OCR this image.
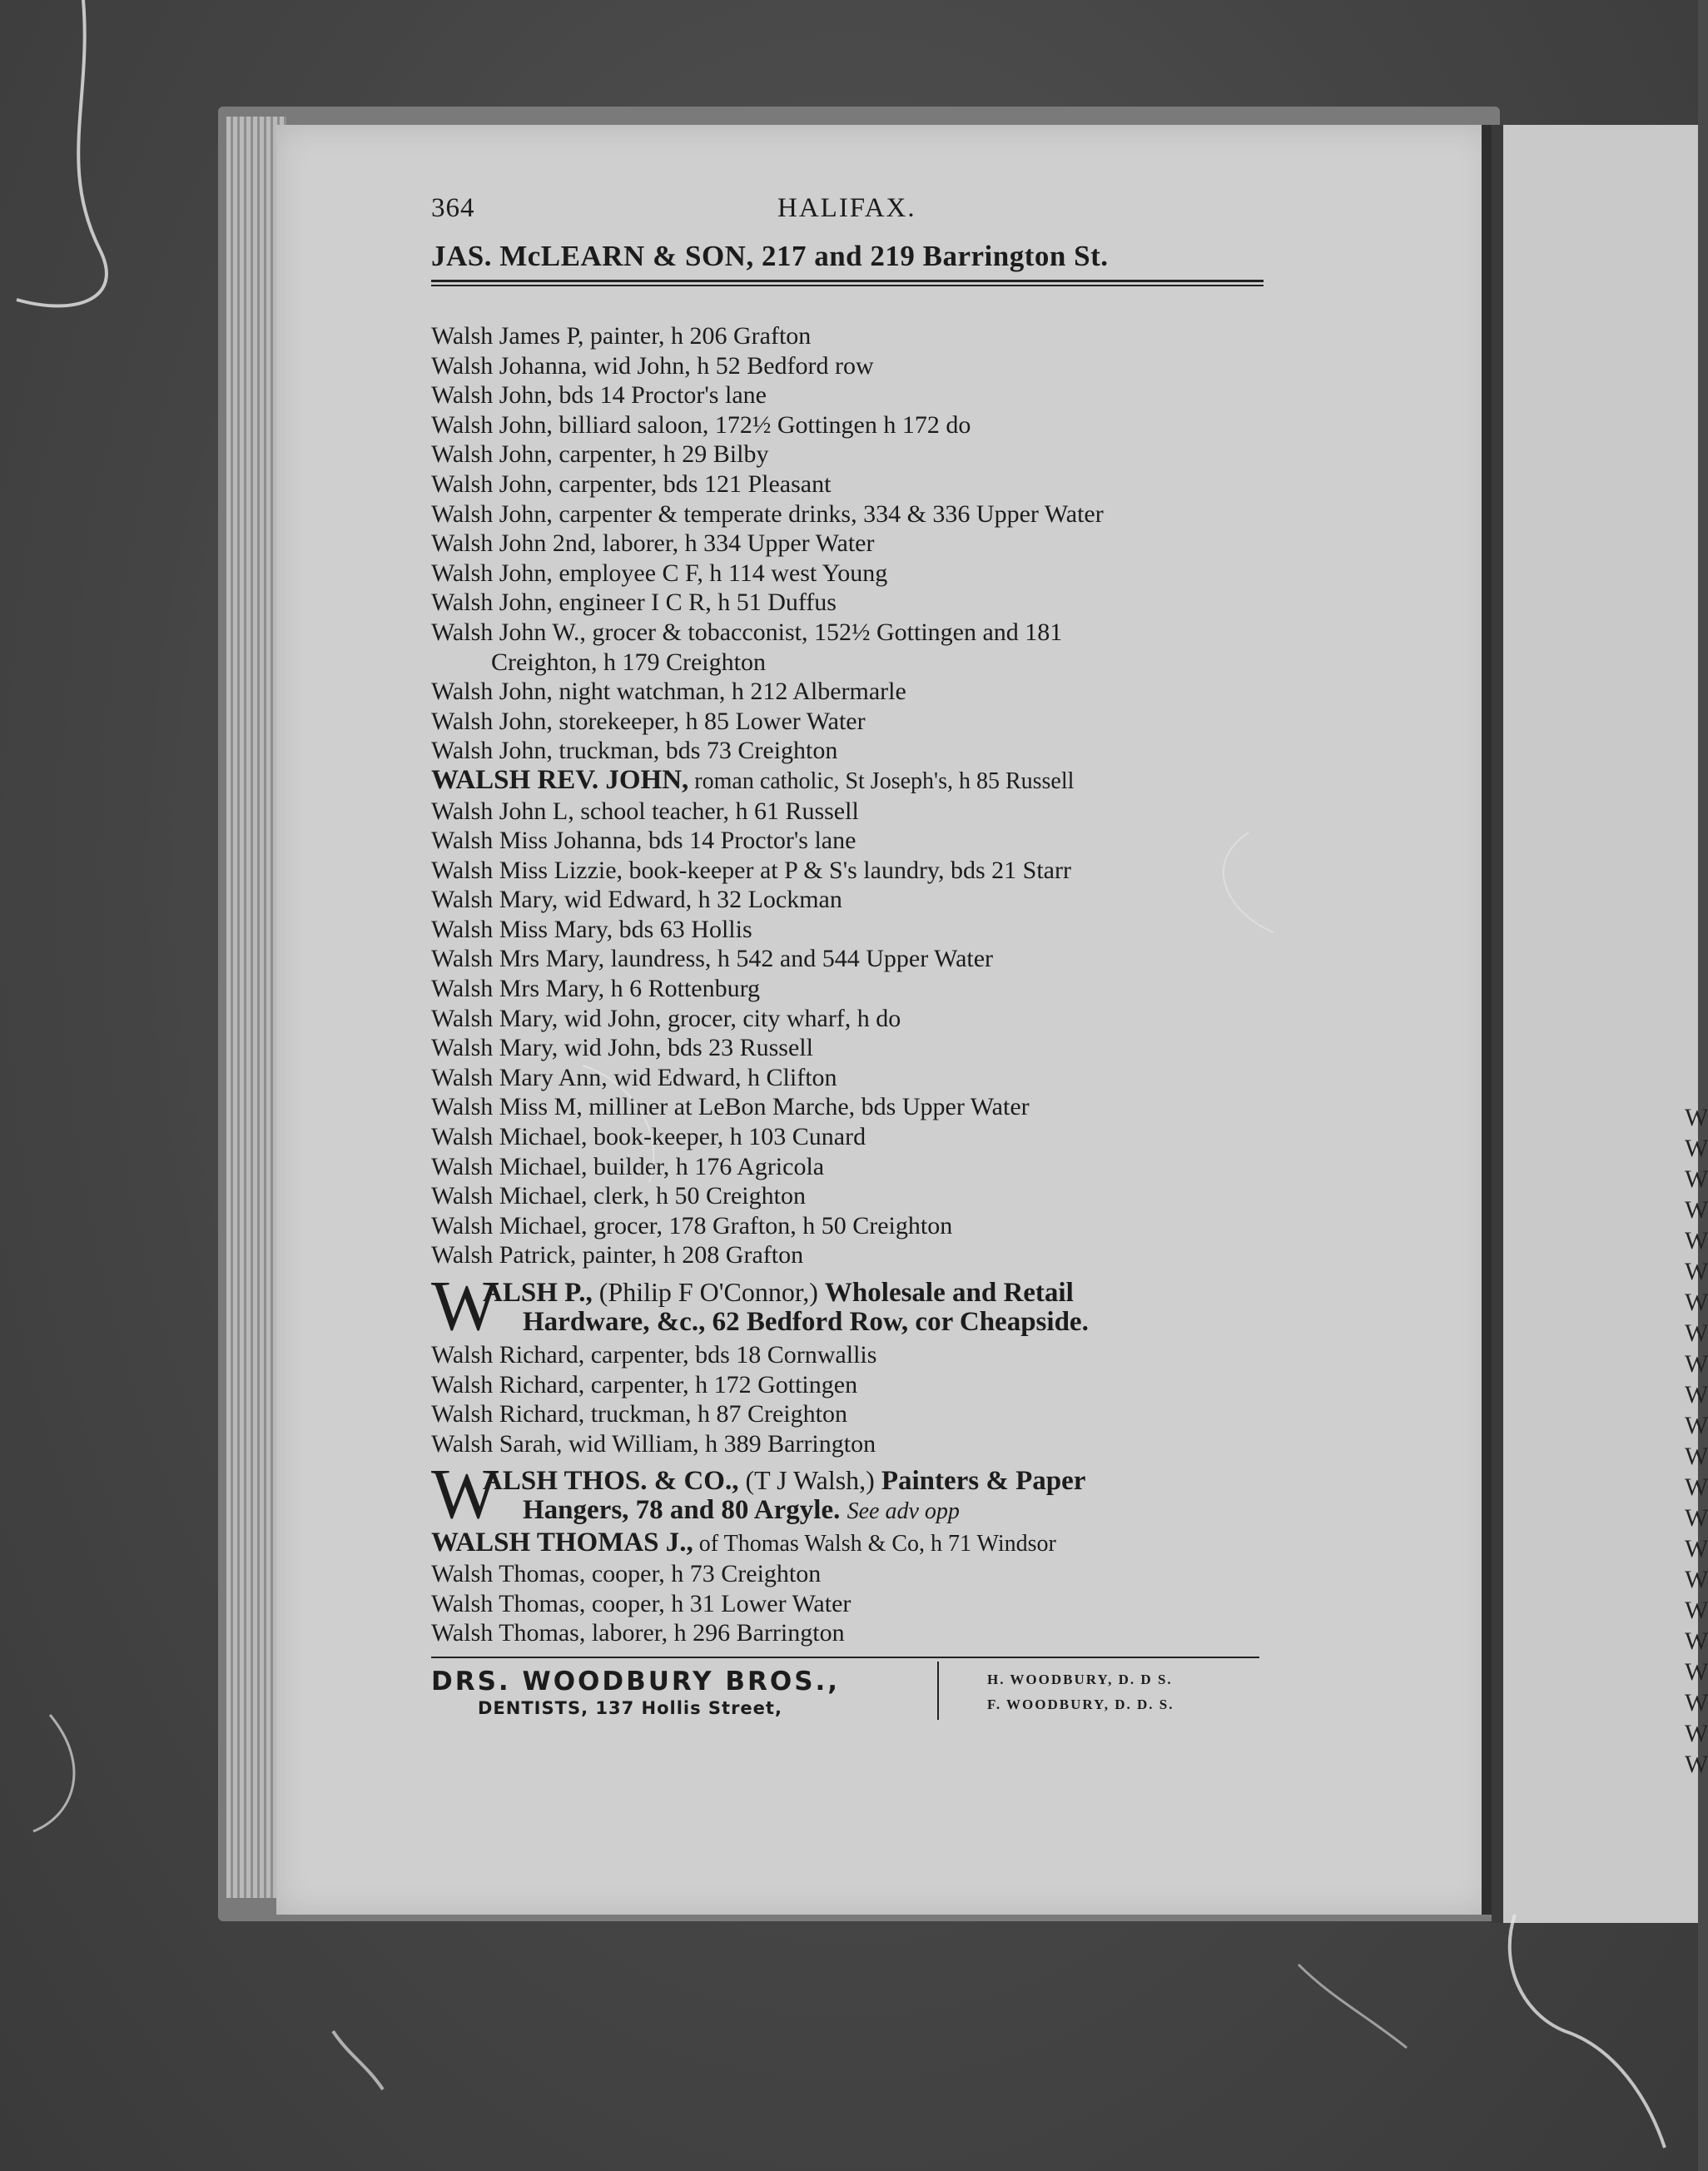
W
W
W
W
W
W
W
W
W
W
W
W
W
W
W
W
W
W
W
W
W
W
364	HALIFAX.
JAS. McLEARN & SON, 217 and 219 Barrington St.
Walsh James P, painter, h 206 Grafton
Walsh Johanna, wid John, h 52 Bedford row
Walsh John, bds 14 Proctor's lane
Walsh John, billiard saloon, 172½ Gottingen h 172 do
Walsh John, carpenter, h 29 Bilby
Walsh John, carpenter, bds 121 Pleasant
Walsh John, carpenter & temperate drinks, 334 & 336 Upper Water
Walsh John 2nd, laborer, h 334 Upper Water
Walsh John, employee C F, h 114 west Young
Walsh John, engineer I C R, h 51 Duffus
Walsh John W., grocer & tobacconist, 152½ Gottingen and 181
Creighton, h 179 Creighton
Walsh John, night watchman, h 212 Albermarle
Walsh John, storekeeper, h 85 Lower Water
Walsh John, truckman, bds 73 Creighton
WALSH REV. JOHN, roman catholic, St Joseph's, h 85 Russell
Walsh John L, school teacher, h 61 Russell
Walsh Miss Johanna, bds 14 Proctor's lane
Walsh Miss Lizzie, book-keeper at P & S's laundry, bds 21 Starr
Walsh Mary, wid Edward, h 32 Lockman
Walsh Miss Mary, bds 63 Hollis
Walsh Mrs Mary, laundress, h 542 and 544 Upper Water
Walsh Mrs Mary, h 6 Rottenburg
Walsh Mary, wid John, grocer, city wharf, h do
Walsh Mary, wid John, bds 23 Russell
Walsh Mary Ann, wid Edward, h Clifton
Walsh Miss M, milliner at LeBon Marche, bds Upper Water
Walsh Michael, book-keeper, h 103 Cunard
Walsh Michael, builder, h 176 Agricola
Walsh Michael, clerk, h 50 Creighton
Walsh Michael, grocer, 178 Grafton, h 50 Creighton
Walsh Patrick, painter, h 208 Grafton
W
ALSH P., (Philip F O'Connor,) Wholesale and Retail
Hardware, &c., 62 Bedford Row, cor Cheapside.
Walsh Richard, carpenter, bds 18 Cornwallis
Walsh Richard, carpenter, h 172 Gottingen
Walsh Richard, truckman, h 87 Creighton
Walsh Sarah, wid William, h 389 Barrington
W
ALSH THOS. & CO., (T J Walsh,) Painters & Paper
Hangers, 78 and 80 Argyle. See adv opp
WALSH THOMAS J., of Thomas Walsh & Co, h 71 Windsor
Walsh Thomas, cooper, h 73 Creighton
Walsh Thomas, cooper, h 31 Lower Water
Walsh Thomas, laborer, h 296 Barrington
DRS. WOODBURY BROS.,
DENTISTS, 137 Hollis Street,
H. WOODBURY, D. D S.
F. WOODBURY, D. D. S.
